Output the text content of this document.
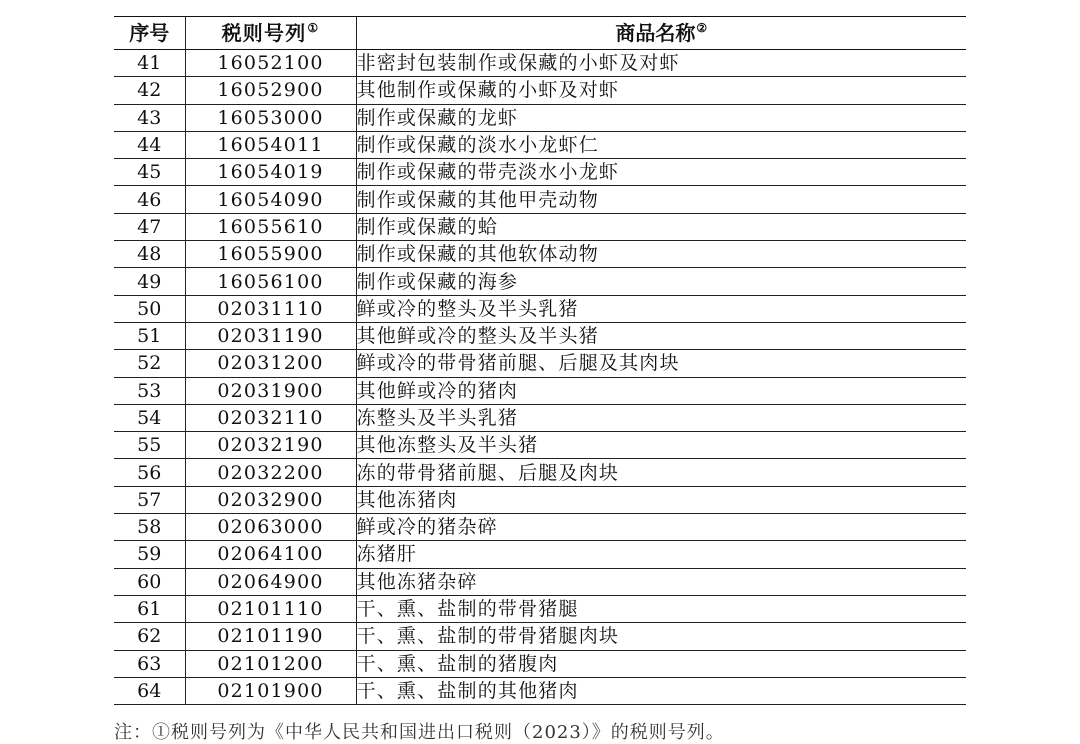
序号	税则号列①	商品名称②
41	16052100	非密封包装制作或保藏的小虾及对虾
42	16052900	其他制作或保藏的小虾及对虾
43	16053000	制作或保藏的龙虾
44	16054011	制作或保藏的淡水小龙虾仁
45	16054019	制作或保藏的带壳淡水小龙虾
46	16054090	制作或保藏的其他甲壳动物
47	16055610	制作或保藏的蛤
48	16055900	制作或保藏的其他软体动物
49	16056100	制作或保藏的海参
50	02031110	鲜或冷的整头及半头乳猪
51	02031190	其他鲜或冷的整头及半头猪
52	02031200	鲜或冷的带骨猪前腿、后腿及其肉块
53	02031900	其他鲜或冷的猪肉
54	02032110	冻整头及半头乳猪
55	02032190	其他冻整头及半头猪
56	02032200	冻的带骨猪前腿、后腿及肉块
57	02032900	其他冻猪肉
58	02063000	鲜或冷的猪杂碎
59	02064100	冻猪肝
60	02064900	其他冻猪杂碎
61	02101110	干、熏、盐制的带骨猪腿
62	02101190	干、熏、盐制的带骨猪腿肉块
63	02101200	干、熏、盐制的猪腹肉
64	02101900	干、熏、盐制的其他猪肉
注：①税则号列为《中华人民共和国进出口税则（2023）》的税则号列。
